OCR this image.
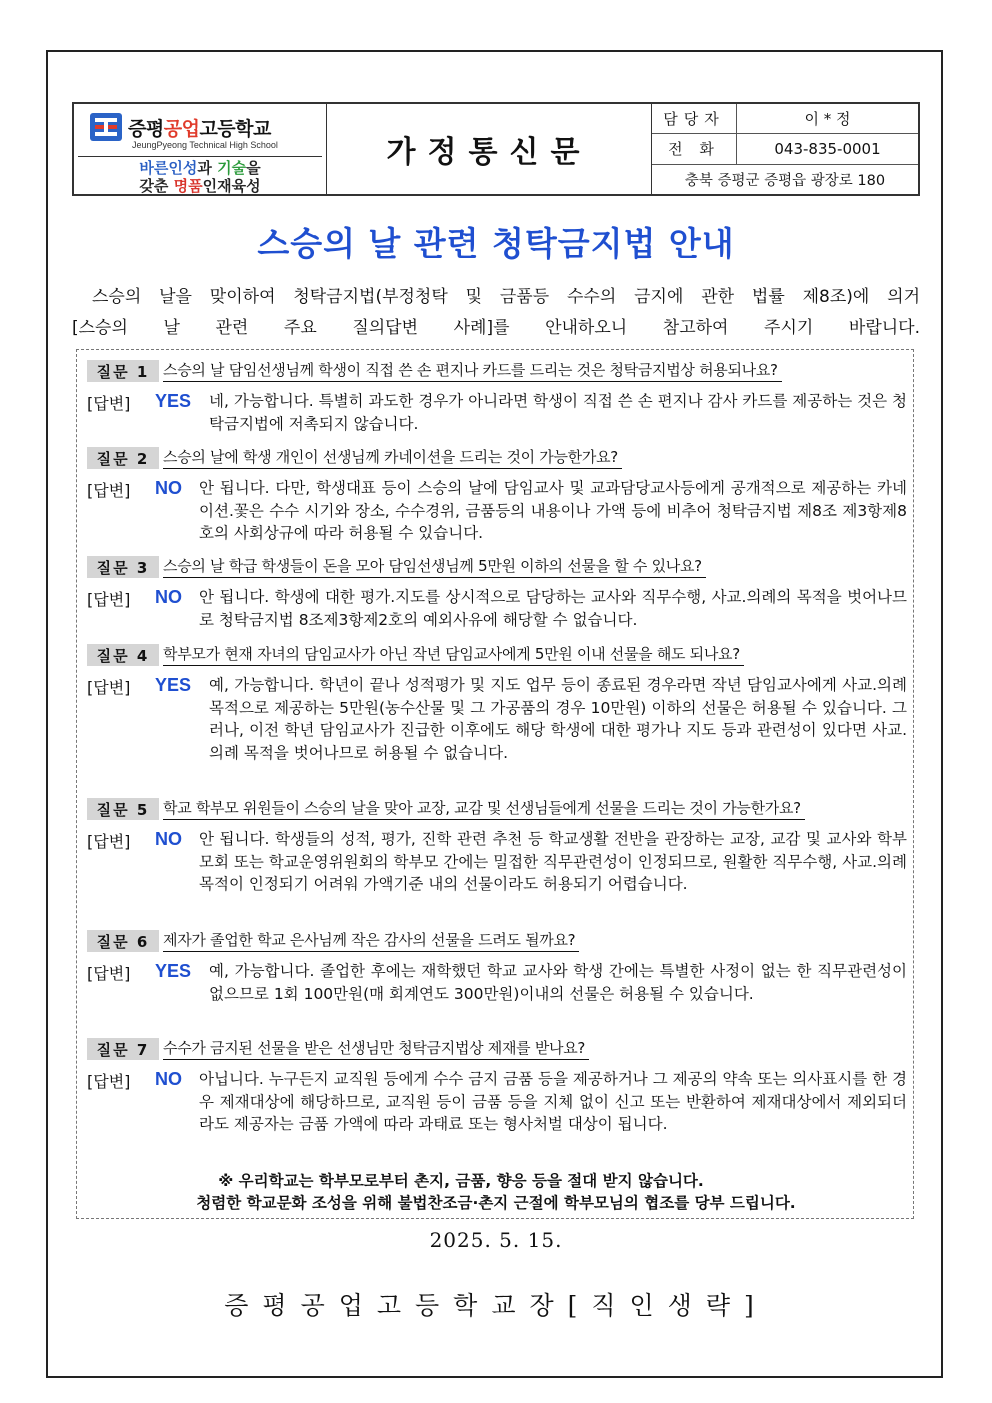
증평공업고등학교
JeungPyeong Technical High School
바른인성과 기술을
갖춘 명품인재육성
가정통신문
담당자	이 * 정
전 화	043-835-0001
충북 증평군 증평읍 광장로 180
스승의 날 관련 청탁금지법 안내

스승의 날을 맞이하여 청탁금지법(부정청탁 및 금품등 수수의 금지에 관한 법률 제8조)에 의거

[스승의 날 관련 주요 질의답변 사례]를 안내하오니 참고하여 주시기 바랍니다.

질문 1 스승의 날 담임선생님께 학생이 직접 쓴 손 편지나 카드를 드리는 것은 청탁금지법상 허용되나요?
[답변]	YES	네, 가능합니다. 특별히 과도한 경우가 아니라면 학생이 직접 쓴 손 편지나 감사 카드를 제공하는 것은 청탁금지법에 저촉되지 않습니다.
질문 2 스승의 날에 학생 개인이 선생님께 카네이션을 드리는 것이 가능한가요?
[답변]	NO	안 됩니다. 다만, 학생대표 등이 스승의 날에 담임교사 및 교과담당교사등에게 공개적으로 제공하는 카네이션.꽃은 수수 시기와 장소, 수수경위, 금품등의 내용이나 가액 등에 비추어 청탁금지법 제8조 제3항제8호의 사회상규에 따라 허용될 수 있습니다.
질문 3 스승의 날 학급 학생들이 돈을 모아 담임선생님께 5만원 이하의 선물을 할 수 있나요?
[답변]	NO	안 됩니다. 학생에 대한 평가.지도를 상시적으로 담당하는 교사와 직무수행, 사교.의례의 목적을 벗어나므로 청탁금지법 8조제3항제2호의 예외사유에 해당할 수 없습니다.
질문 4 학부모가 현재 자녀의 담임교사가 아닌 작년 담임교사에게 5만원 이내 선물을 해도 되나요?
[답변]	YES	예, 가능합니다. 학년이 끝나 성적평가 및 지도 업무 등이 종료된 경우라면 작년 담임교사에게 사교.의례 목적으로 제공하는 5만원(농수산물 및 그 가공품의 경우 10만원) 이하의 선물은 허용될 수 있습니다. 그러나, 이전 학년 담임교사가 진급한 이후에도 해당 학생에 대한 평가나 지도 등과 관련성이 있다면 사교.의례 목적을 벗어나므로 허용될 수 없습니다.
질문 5 학교 학부모 위원들이 스승의 날을 맞아 교장, 교감 및 선생님들에게 선물을 드리는 것이 가능한가요?
[답변]	NO	안 됩니다. 학생들의 성적, 평가, 진학 관련 추천 등 학교생활 전반을 관장하는 교장, 교감 및 교사와 학부모회 또는 학교운영위원회의 학부모 간에는 밀접한 직무관련성이 인정되므로, 원활한 직무수행, 사교.의례 목적이 인정되기 어려워 가액기준 내의 선물이라도 허용되기 어렵습니다.
질문 6 제자가 졸업한 학교 은사님께 작은 감사의 선물을 드려도 될까요?
[답변]	YES	예, 가능합니다. 졸업한 후에는 재학했던 학교 교사와 학생 간에는 특별한 사정이 없는 한 직무관련성이 없으므로 1회 100만원(매 회계연도 300만원)이내의 선물은 허용될 수 있습니다.
질문 7 수수가 금지된 선물을 받은 선생님만 청탁금지법상 제재를 받나요?
[답변]	NO	아닙니다. 누구든지 교직원 등에게 수수 금지 금품 등을 제공하거나 그 제공의 약속 또는 의사표시를 한 경우 제재대상에 해당하므로, 교직원 등이 금품 등을 지체 없이 신고 또는 반환하여 제재대상에서 제외되더라도 제공자는 금품 가액에 따라 과태료 또는 형사처벌 대상이 됩니다.
※ 우리학교는 학부모로부터 촌지, 금품, 향응 등을 절대 받지 않습니다.
청렴한 학교문화 조성을 위해 불법찬조금·촌지 근절에 학부모님의 협조를 당부 드립니다.
2025. 5. 15.
증평공업고등학교장[직인생략]
